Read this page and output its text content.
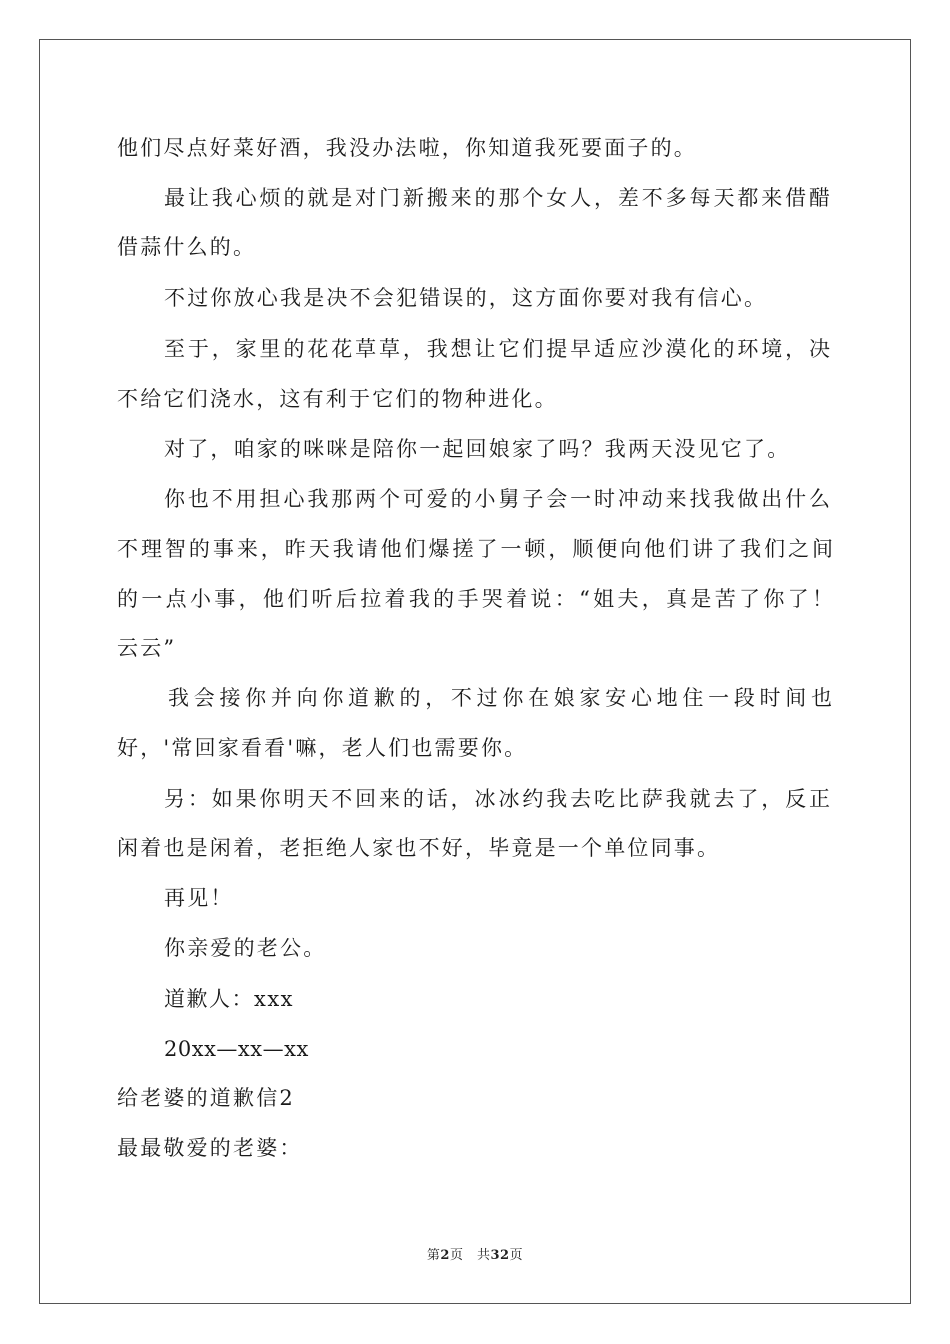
他们尽点好菜好酒，我没办法啦，你知道我死要面子的。
最让我心烦的就是对门新搬来的那个女人，差不多每天都来借醋
借蒜什么的。
不过你放心我是决不会犯错误的，这方面你要对我有信心。
至于，家里的花花草草，我想让它们提早适应沙漠化的环境，决
不给它们浇水，这有利于它们的物种进化。
对了，咱家的咪咪是陪你一起回娘家了吗？我两天没见它了。
你也不用担心我那两个可爱的小舅子会一时冲动来找我做出什么
不理智的事来，昨天我请他们爆搓了一顿，顺便向他们讲了我们之间
的一点小事，他们听后拉着我的手哭着说：“姐夫，真是苦了你了！
云云”
我会接你并向你道歉的，不过你在娘家安心地住一段时间也
好，'常回家看看'嘛，老人们也需要你。
另：如果你明天不回来的话，冰冰约我去吃比萨我就去了，反正
闲着也是闲着，老拒绝人家也不好，毕竟是一个单位同事。
再见！
你亲爱的老公。
道歉人：xxx
20xx—xx—xx
给老婆的道歉信2
最最敬爱的老婆：
第2页　共32页
